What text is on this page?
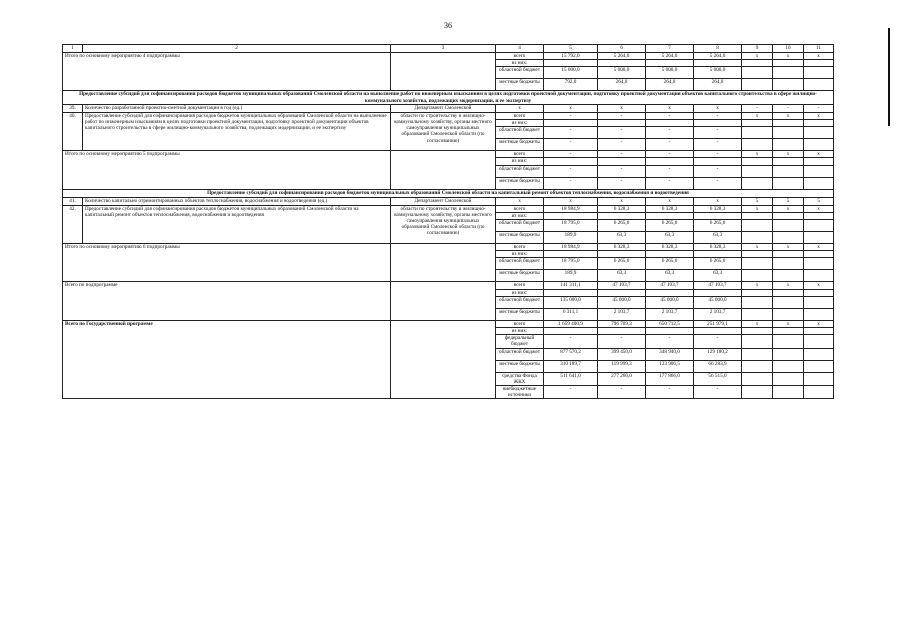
36
1	2	3	4	5	6	7	8	9	10	11
Итого по основному мероприятию 4 подпрограммы			всего	15 792,0	5 264,0	5 264,0	5 264,0	x	x	x
			из них:							
			областной бюджет	15 000,0	5 000,0	5 000,0	5 000,0			
			местные бюджеты	792,0	264,0	264,0	264,0			
Предоставление субсидий для софинансирования расходов бюджетов муниципальных образований Смоленской области на выполнение работ по инженерным изысканиям в целях подготовки проектной документации, подготовку проектной документации объектов капитального строительства в сфере жилищно-коммунального хозяйства, подлежащих модернизации, и ее экспертизу										
39.	Количество разработанной проектно-сметной документации в год (ед.)	Департамент Смоленской	x	x	x	x	x	-	-	-
40.	Предоставление субсидий для софинансирования расходов бюджетов муниципальных образований Смоленской области на выполнение работ по инженерным изысканиям в целях подготовки проектной документации, подготовку проектной документации объектов капитального строительства в сфере жилищно-коммунального хозяйства, подлежащих модернизации, и ее экспертизу	области по строительству и жилищно-коммунальному хозяйству, органы местного самоуправления муниципальных образований Смоленской области (по согласованию)	всего	-	-	-	-	x	x	x
			из них:							
			областной бюджет	-	-	-	-			
			местные бюджеты	-	-	-	-			
Итого по основному мероприятию 5 подпрограммы			всего	-	-	-	-	x	x	x
			из них:							
			областной бюджет	-	-	-	-			
			местные бюджеты	-	-	-	-			
Предоставление субсидий для софинансирования расходов бюджетов муниципальных образований Смоленской области на капитальный ремонт объектов теплоснабжения, водоснабжения и водоотведения										
41.	Количество капитально отремонтированных объектов теплоснабжения, водоснабжения и водоотведения (ед.)	Департамент Смоленской	x	x	x	x	x	5	5	5
42.	Предоставление субсидий для софинансирования расходов бюджетов муниципальных образований Смоленской области на капитальный ремонт объектов теплоснабжения, водоснабжения и водоотведения	области по строительству и жилищно-коммунальному хозяйству, органы местного самоуправления муниципальных образований Смоленской области (по согласованию)	всего	18 984,9	6 328,3	6 328,3	6 328,3	x	x	x
			из них:							
			областной бюджет	18 795,0	6 265,0	6 265,0	6 265,0			
			местные бюджеты	189,9	63,3	63,3	63,3			
Итого по основному мероприятию 6 подпрограммы			всего	18 984,9	6 328,3	6 328,3	6 328,3	x	x	x
			из них:							
			областной бюджет	18 795,0	6 265,0	6 265,0	6 265,0			
			местные бюджеты	189,9	63,3	63,3	63,3			
Всего по подпрограмме			всего	141 311,1	47 103,7	47 103,7	47 103,7	x	x	x
			из них:							
			областной бюджет	135 000,0	45 000,0	45 000,0	45 000,0			
			местные бюджеты	6 311,1	2 103,7	2 103,7	2 103,7			
Всего по Государственной программе			всего	1 659 400,9	796 709,3	650 712,5	251 979,1	x	x	x
			из них:							
			федеральный бюджет	-	-	-	-			
			областной бюджет	877 570,2	399 450,0	348 940,0	129 180,2			
			местные бюджеты	310 189,7	119 999,3	123 906,5	66 283,9			
			средства Фонда ЖКХ	511 641,0	277 260,0	177 866,0	56 515,0			
			внебюджетные источники	-	-	-	-			
